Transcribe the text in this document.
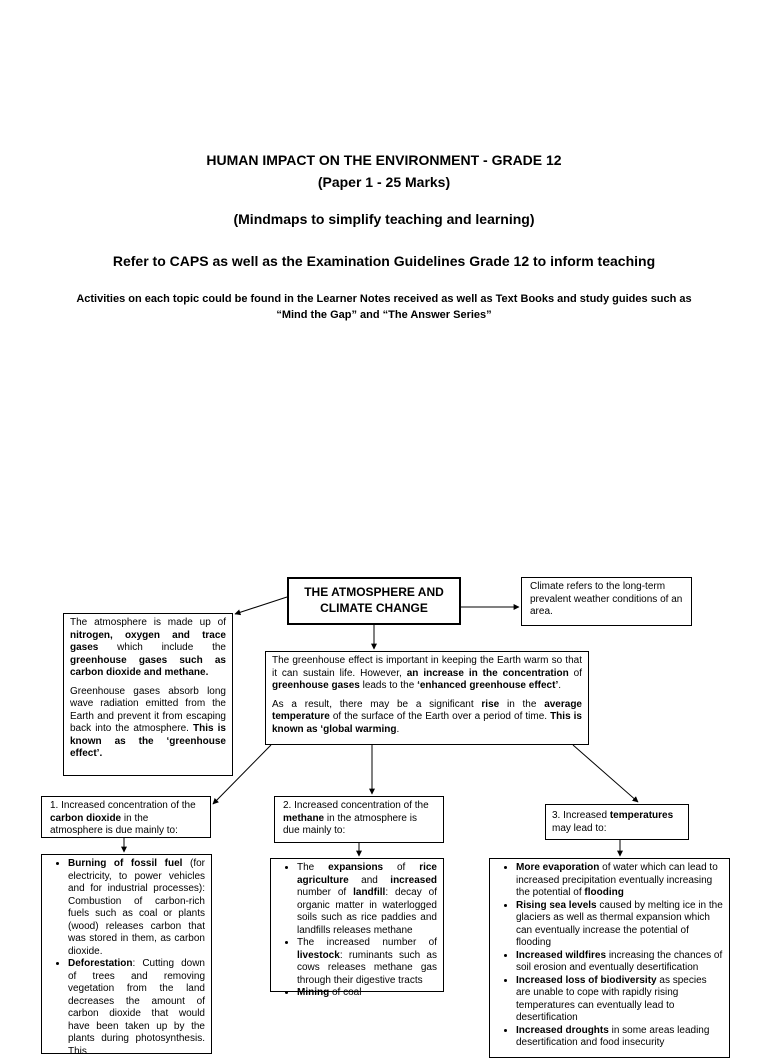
HUMAN IMPACT ON THE ENVIRONMENT - GRADE 12
(Paper 1 - 25 Marks)
(Mindmaps to simplify teaching and learning)
Refer to CAPS as well as the Examination Guidelines Grade 12 to inform teaching
Activities on each topic could be found in the Learner Notes received as well as Text Books and study guides such as
“Mind the Gap” and “The Answer Series”
THE ATMOSPHERE AND
CLIMATE CHANGE
Climate refers to the long-term prevalent weather conditions of an area.

The atmosphere is made up of nitrogen, oxygen and trace gases which include the greenhouse gases such as carbon dioxide and methane.

Greenhouse gases absorb long wave radiation emitted from the Earth and prevent it from escaping back into the atmosphere. This is known as the ‘greenhouse effect’.

The greenhouse effect is important in keeping the Earth warm so that it can sustain life. However, an increase in the concentration of greenhouse gases leads to the ‘enhanced greenhouse effect’.

As a result, there may be a significant rise in the average temperature of the surface of the Earth over a period of time. This is known as ‘global warming.

1. Increased concentration of the carbon dioxide in the atmosphere is due mainly to:
2. Increased concentration of the methane in the atmosphere is due mainly to:
3. Increased temperatures may lead to:
• Burning of fossil fuel (for electricity, to power vehicles and for industrial processes): Combustion of carbon-rich fuels such as coal or plants (wood) releases carbon that was stored in them, as carbon dioxide.
• Deforestation: Cutting down of trees and removing vegetation from the land decreases the amount of carbon dioxide that would have been taken up by the plants during photosynthesis. This
• The expansions of rice agriculture and increased number of landfill: decay of organic matter in waterlogged soils such as rice paddies and landfills releases methane
• The increased number of livestock: ruminants such as cows releases methane gas through their digestive tracts
• Mining of coal
• More evaporation of water which can lead to increased precipitation eventually increasing the potential of flooding
• Rising sea levels caused by melting ice in the glaciers as well as thermal expansion which can eventually increase the potential of flooding
• Increased wildfires increasing the chances of soil erosion and eventually desertification
• Increased loss of biodiversity as species are unable to cope with rapidly rising temperatures can eventually lead to desertification
• Increased droughts in some areas leading desertification and food insecurity
